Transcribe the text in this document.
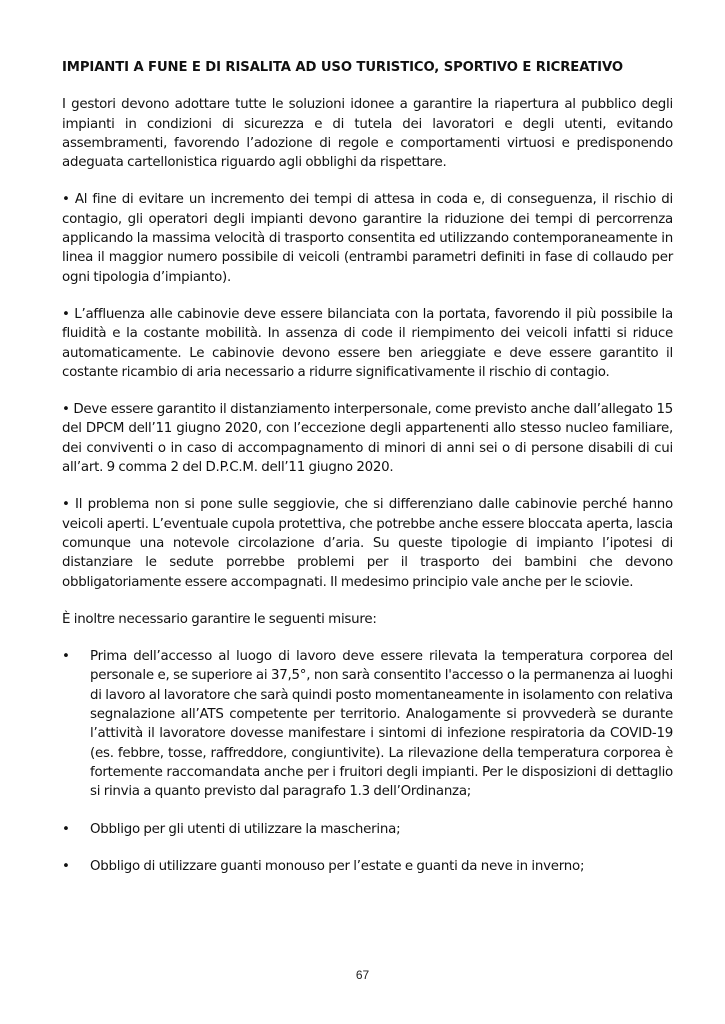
IMPIANTI A FUNE E DI RISALITA AD USO TURISTICO, SPORTIVO E RICREATIVO

I gestori devono adottare tutte le soluzioni idonee a garantire la riapertura al pubblico degli impianti in condizioni di sicurezza e di tutela dei lavoratori e degli utenti, evitando assembramenti, favorendo l’adozione di regole e comportamenti virtuosi e predisponendo adeguata cartellonistica riguardo agli obblighi da rispettare.

• Al fine di evitare un incremento dei tempi di attesa in coda e, di conseguenza, il rischio di contagio, gli operatori degli impianti devono garantire la riduzione dei tempi di percorrenza applicando la massima velocità di trasporto consentita ed utilizzando contemporaneamente in linea il maggior numero possibile di veicoli (entrambi parametri definiti in fase di collaudo per ogni tipologia d’impianto).

• L’affluenza alle cabinovie deve essere bilanciata con la portata, favorendo il più possibile la fluidità e la costante mobilità. In assenza di code il riempimento dei veicoli infatti si riduce automaticamente. Le cabinovie devono essere ben arieggiate e deve essere garantito il costante ricambio di aria necessario a ridurre significativamente il rischio di contagio.

• Deve essere garantito il distanziamento interpersonale, come previsto anche dall’allegato 15 del DPCM dell’11 giugno 2020, con l’eccezione degli appartenenti allo stesso nucleo familiare, dei conviventi o in caso di accompagnamento di minori di anni sei o di persone disabili di cui all’art. 9 comma 2 del D.P.C.M. dell’11 giugno 2020.

• Il problema non si pone sulle seggiovie, che si differenziano dalle cabinovie perché hanno veicoli aperti. L’eventuale cupola protettiva, che potrebbe anche essere bloccata aperta, lascia comunque una notevole circolazione d’aria. Su queste tipologie di impianto l’ipotesi di distanziare le sedute porrebbe problemi per il trasporto dei bambini che devono obbligatoriamente essere accompagnati. Il medesimo principio vale anche per le sciovie.

È inoltre necessario garantire le seguenti misure:

•	Prima dell’accesso al luogo di lavoro deve essere rilevata la temperatura corporea del personale e, se superiore ai 37,5°, non sarà consentito l'accesso o la permanenza ai luoghi di lavoro al lavoratore che sarà quindi posto momentaneamente in isolamento con relativa segnalazione all’ATS competente per territorio. Analogamente si provvederà se durante l’attività il lavoratore dovesse manifestare i sintomi di infezione respiratoria da COVID-19 (es. febbre, tosse, raffreddore, congiuntivite). La rilevazione della temperatura corporea è fortemente raccomandata anche per i fruitori degli impianti. Per le disposizioni di dettaglio si rinvia a quanto previsto dal paragrafo 1.3 dell’Ordinanza;
•	Obbligo per gli utenti di utilizzare la mascherina;
•	Obbligo di utilizzare guanti monouso per l’estate e guanti da neve in inverno;
67
